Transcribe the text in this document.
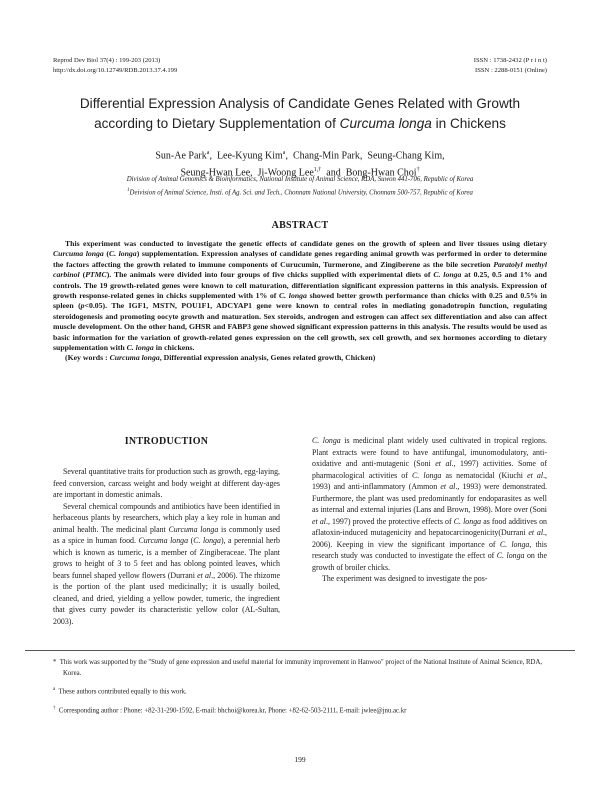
Reprod Dev Biol 37(4) : 199-203 (2013)
http://dx.doi.org/10.12749/RDB.2013.37.4.199
ISSN : 1738-2432 (P r i n t)
ISSN : 2288-0151 (Online)
Differential Expression Analysis of Candidate Genes Related with Growth
according to Dietary Supplementation of Curcuma longa in Chickens
Sun-Ae Park$^a$,  Lee-Kyung Kim$^a$,  Chang-Min Park,  Seung-Chang Kim,
Seung-Hwan Lee, Ji-Woong Lee$^{1,\dagger}$ and Bong-Hwan Choi†
Division of Animal Genomics & Bioinformatics, National Institute of Animal Science, RDA, Suwon 441-706, Republic of Korea
$^1$Deivision of Animal Science, Insti. of Ag. Sci. and Tech., Chonnam National University, Chonnam 500-757, Republic of Korea
ABSTRACT

This experiment was conducted to investigate the genetic effects of candidate genes on the growth of spleen and liver tissues using dietary Curcuma longa (C. longa) supplementation. Expression analyses of candidate genes regarding animal growth was performed in order to determine the factors affecting the growth related to immune components of Curucumin, Turmerone, and Zingiberene as the bile secretion Paratolyl methyl carbinol (PTMC). The animals were divided into four groups of five chicks supplied with experimental diets of C. longa at 0.25, 0.5 and 1% and controls. The 19 growth-related genes were known to cell maturation, differentiation significant expression patterns in this analysis. Expression of growth response-related genes in chicks supplemented with 1% of C. longa showed better growth performance than chicks with 0.25 and 0.5% in spleen (p<0.05). The IGF1, MSTN, POU1F1, ADCYAP1 gene were known to central roles in mediating gonadotropin function, regulating steroidogenesis and promoting oocyte growth and maturation. Sex steroids, androgen and estrogen can affect sex differentiation and also can affect muscle development. On the other hand, GHSR and FABP3 gene showed significant expression patterns in this analysis. The results would be used as basic information for the variation of growth-related genes expression on the cell growth, sex cell growth, and sex hormones according to dietary supplementation with C. longa in chickens.

(Key words : Curcuma longa, Differential expression analysis, Genes related growth, Chicken)

INTRODUCTION

Several quantitative traits for production such as growth, egg-laying, feed conversion, carcass weight and body weight at different day-ages are important in domestic animals.

Several chemical compounds and antibiotics have been identified in herbaceous plants by researchers, which play a key role in human and animal health. The medicinal plant Curcuma longa is commonly used as a spice in human food. Curcuma longa (C. longa), a perennial herb which is known as tumeric, is a member of Zingiberaceae. The plant grows to height of 3 to 5 feet and has oblong pointed leaves, which bears funnel shaped yellow flowers (Durrani et al., 2006). The rhizome is the portion of the plant used medicinally; it is usually boiled, cleaned, and dried, yielding a yellow powder, tumeric, the ingredient that gives curry powder its characteristic yellow color (AL-Sultan, 2003).

C. longa is medicinal plant widely used cultivated in tropical regions. Plant extracts were found to have antifungal, imunomodulatory, anti-oxidative and anti-mutagenic (Soni et al., 1997) activities. Some of pharmacological activities of C. longa as nematocidal (Kiuchi et al., 1993) and anti-inflammatory (Ammon et al., 1993) were demonstrated. Furthermore, the plant was used predominantly for endoparasites as well as internal and external injuries (Lans and Brown, 1998). More over (Soni et al., 1997) proved the protective effects of C. longa as food additives on aflatoxin-induced mutagenicity and hepatocarcinogenicity(Durrani et al., 2006). Keeping in view the significant importance of C. longa, this research study was conducted to investigate the effect of C. longa on the growth of broiler chicks.

The experiment was designed to investigate the pos-

* This work was supported by the "Study of gene expression and useful material for immunity improvement in Hanwoo" project of the National Institute of Animal Science, RDA, Korea.

$^a$ These authors contributed equally to this work.

† Corresponding author : Phone: +82-31-290-1592, E-mail: bhchoi@korea.kr, Phone: +82-62-503-2111, E-mail: jwlee@jnu.ac.kr

199
